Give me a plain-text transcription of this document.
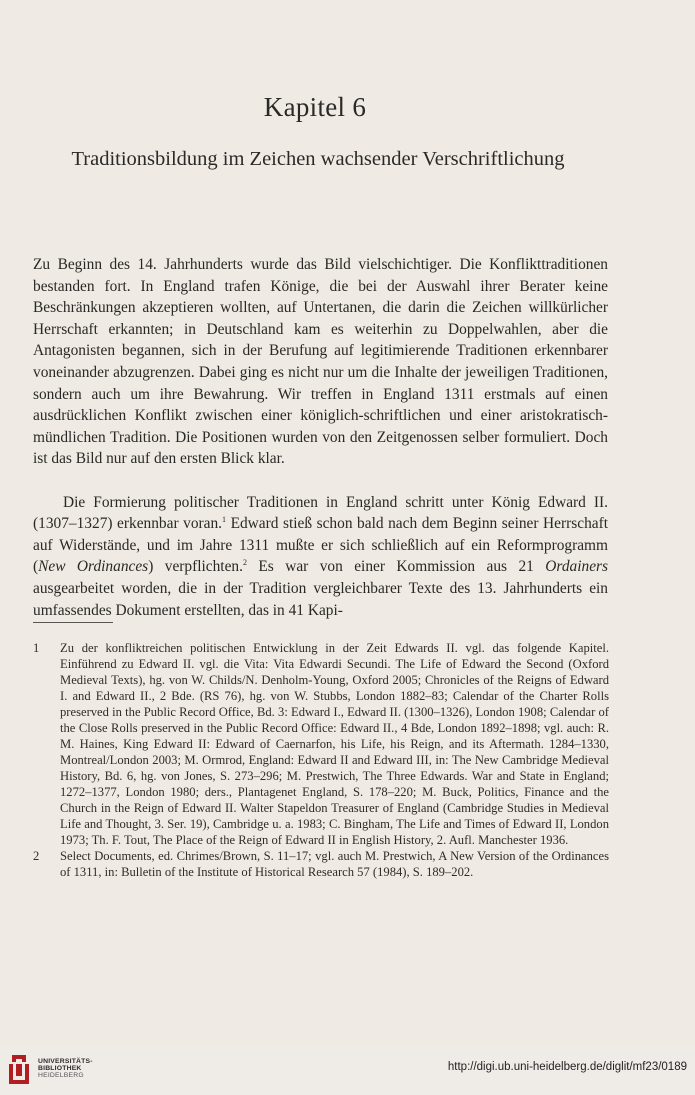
Kapitel 6
Traditionsbildung im Zeichen wachsender Verschriftlichung

Zu Beginn des 14. Jahrhunderts wurde das Bild vielschichtiger. Die Konflikttraditionen bestanden fort. In England trafen Könige, die bei der Auswahl ihrer Berater keine Beschränkungen akzeptieren wollten, auf Untertanen, die darin die Zeichen willkürlicher Herrschaft erkannten; in Deutschland kam es weiterhin zu Doppelwahlen, aber die Antagonisten begannen, sich in der Berufung auf legitimierende Traditionen erkennbarer voneinander abzugrenzen. Dabei ging es nicht nur um die Inhalte der jeweiligen Traditionen, sondern auch um ihre Bewahrung. Wir treffen in England 1311 erstmals auf einen ausdrücklichen Konflikt zwischen einer königlich-schriftlichen und einer aristokratisch-mündlichen Tradition. Die Positionen wurden von den Zeitgenossen selber formuliert. Doch ist das Bild nur auf den ersten Blick klar.

Die Formierung politischer Traditionen in England schritt unter König Edward II. (1307–1327) erkennbar voran.$^1$ Edward stieß schon bald nach dem Beginn seiner Herrschaft auf Widerstände, und im Jahre 1311 mußte er sich schließlich auf ein Reformprogramm (New Ordinances) verpflichten.$^2$ Es war von einer Kommission aus 21 Ordainers ausgearbeitet worden, die in der Tradition vergleichbarer Texte des 13. Jahrhunderts ein umfassendes Dokument erstellten, das in 41 Kapi-

1 Zu der konfliktreichen politischen Entwicklung in der Zeit Edwards II. vgl. das folgende Kapitel. Einführend zu Edward II. vgl. die Vita: Vita Edwardi Secundi. The Life of Edward the Second (Oxford Medieval Texts), hg. von W. Childs/N. Denholm-Young, Oxford 2005; Chronicles of the Reigns of Edward I. and Edward II., 2 Bde. (RS 76), hg. von W. Stubbs, London 1882–83; Calendar of the Charter Rolls preserved in the Public Record Office, Bd. 3: Edward I., Edward II. (1300–1326), London 1908; Calendar of the Close Rolls preserved in the Public Record Office: Edward II., 4 Bde, London 1892–1898; vgl. auch: R. M. Haines, King Edward II: Edward of Caernarfon, his Life, his Reign, and its Aftermath. 1284–1330, Montreal/London 2003; M. Ormrod, England: Edward II and Edward III, in: The New Cambridge Medieval History, Bd. 6, hg. von Jones, S. 273–296; M. Prestwich, The Three Edwards. War and State in England; 1272–1377, London 1980; ders., Plantagenet England, S. 178–220; M. Buck, Politics, Finance and the Church in the Reign of Edward II. Walter Stapeldon Treasurer of England (Cambridge Studies in Medieval Life and Thought, 3. Ser. 19), Cambridge u. a. 1983; C. Bingham, The Life and Times of Edward II, London 1973; Th. F. Tout, The Place of the Reign of Edward II in English History, 2. Aufl. Manchester 1936.
2 Select Documents, ed. Chrimes/Brown, S. 11–17; vgl. auch M. Prestwich, A New Version of the Ordinances of 1311, in: Bulletin of the Institute of Historical Research 57 (1984), S. 189–202.
UNIVERSITÄTS-
BIBLIOTHEK
HEIDELBERG
http://digi.ub.uni-heidelberg.de/diglit/mf23/0189
